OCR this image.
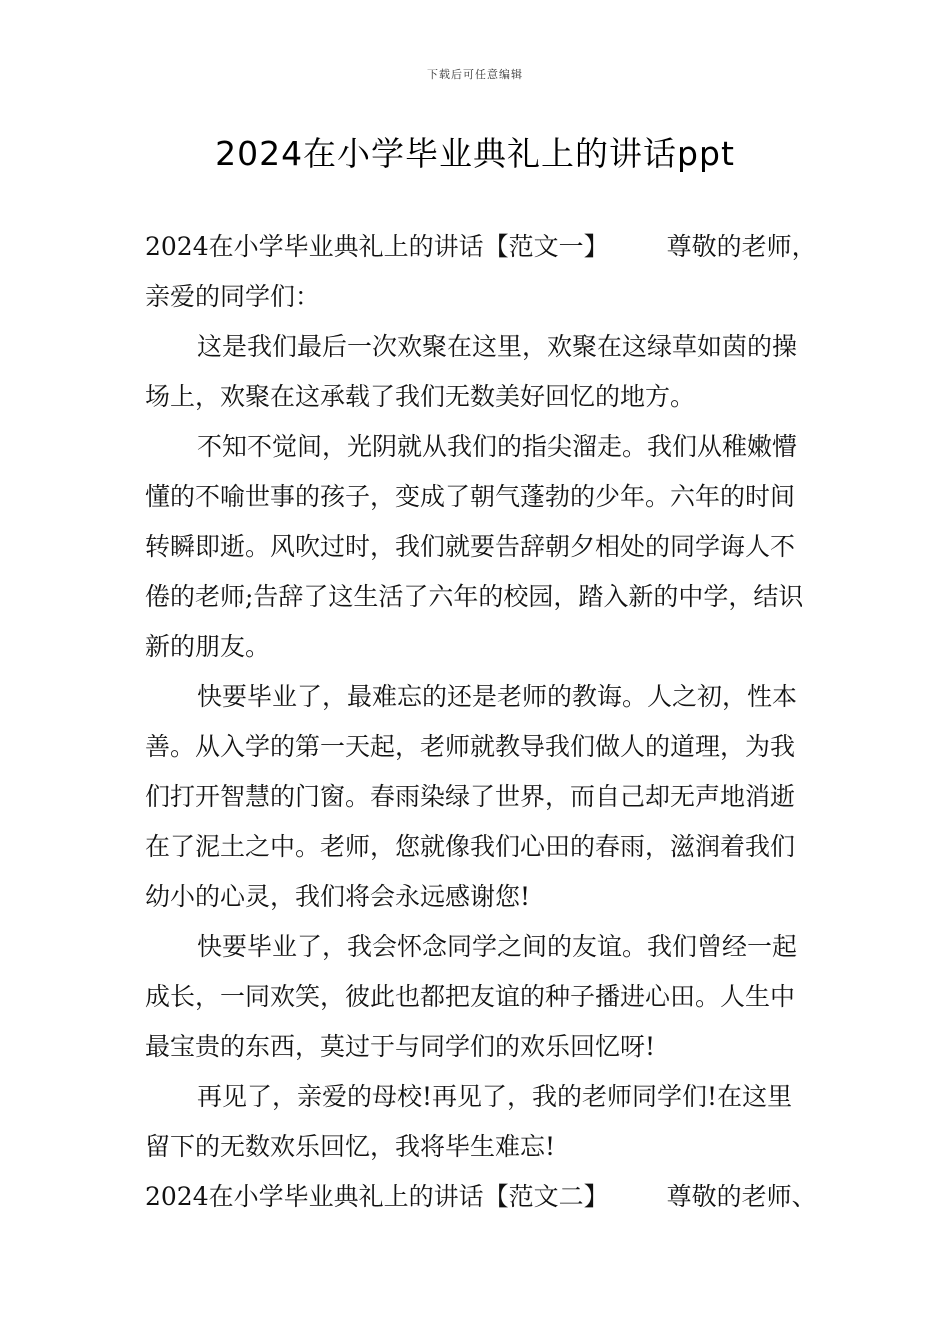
下载后可任意编辑
2024在小学毕业典礼上的讲话ppt

2024在小学毕业典礼上的讲话【范文一】 尊敬的老师，

亲爱的同学们：

这是我们最后一次欢聚在这里，欢聚在这绿草如茵的操场上，欢聚在这承载了我们无数美好回忆的地方。

不知不觉间，光阴就从我们的指尖溜走。我们从稚嫩懵懂的不喻世事的孩子，变成了朝气蓬勃的少年。六年的时间转瞬即逝。风吹过时，我们就要告辞朝夕相处的同学诲人不倦的老师;告辞了这生活了六年的校园，踏入新的中学，结识新的朋友。

快要毕业了，最难忘的还是老师的教诲。人之初，性本善。从入学的第一天起，老师就教导我们做人的道理，为我们打开智慧的门窗。春雨染绿了世界，而自己却无声地消逝在了泥土之中。老师，您就像我们心田的春雨，滋润着我们幼小的心灵，我们将会永远感谢您!

快要毕业了，我会怀念同学之间的友谊。我们曾经一起成长，一同欢笑，彼此也都把友谊的种子播进心田。人生中最宝贵的东西，莫过于与同学们的欢乐回忆呀!

再见了，亲爱的母校!再见了，我的老师同学们!在这里留下的无数欢乐回忆，我将毕生难忘!

2024在小学毕业典礼上的讲话【范文二】 尊敬的老师、
